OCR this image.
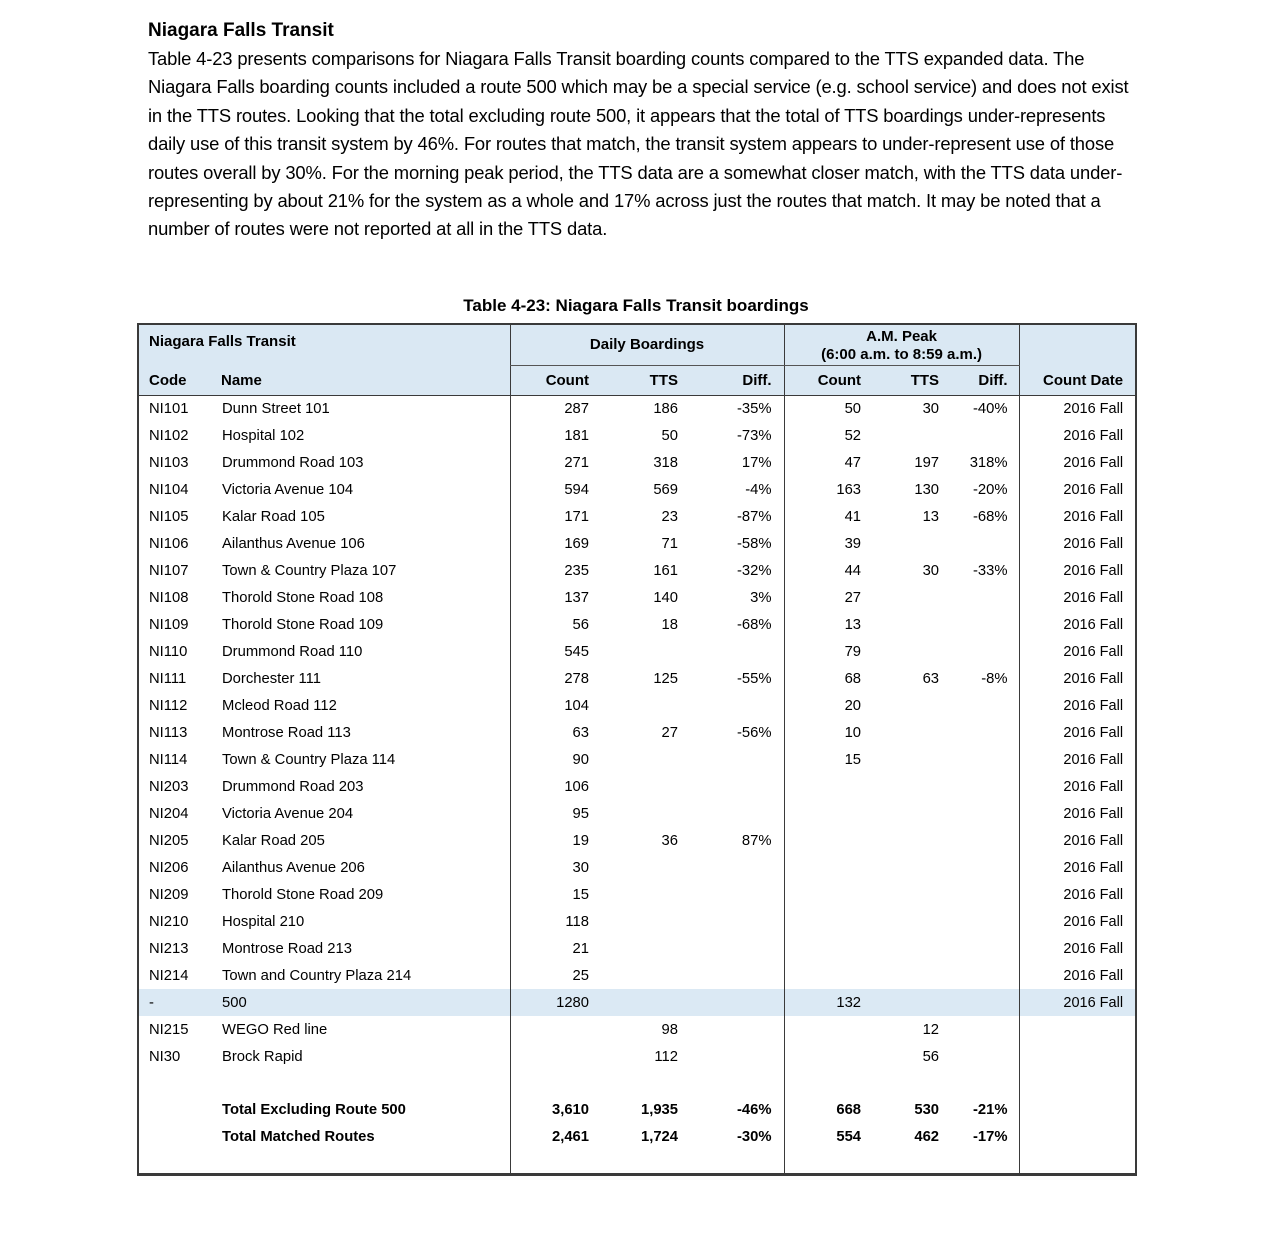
Niagara Falls Transit

Table 4-23 presents comparisons for Niagara Falls Transit boarding counts compared to the TTS expanded data. The Niagara Falls boarding counts included a route 500 which may be a special service (e.g. school service) and does not exist in the TTS routes. Looking that the total excluding route 500, it appears that the total of TTS boardings under-represents daily use of this transit system by 46%. For routes that match, the transit system appears to under-represent use of those routes overall by 30%. For the morning peak period, the TTS data are a somewhat closer match, with the TTS data under-representing by about 21% for the system as a whole and 17% across just the routes that match. It may be noted that a number of routes were not reported at all in the TTS data.

Table 4-23: Niagara Falls Transit boardings
Niagara Falls Transit		Daily Boardings			A.M. Peak
(6:00 a.m. to 8:59 a.m.)			Count Date
Code	Name	Count	TTS	Diff.	Count	TTS	Diff.	
NI101	Dunn Street 101	287	186	-35%	50	30	-40%	2016 Fall
NI102	Hospital 102	181	50	-73%	52			2016 Fall
NI103	Drummond Road 103	271	318	17%	47	197	318%	2016 Fall
NI104	Victoria Avenue 104	594	569	-4%	163	130	-20%	2016 Fall
NI105	Kalar Road 105	171	23	-87%	41	13	-68%	2016 Fall
NI106	Ailanthus Avenue 106	169	71	-58%	39			2016 Fall
NI107	Town & Country Plaza 107	235	161	-32%	44	30	-33%	2016 Fall
NI108	Thorold Stone Road 108	137	140	3%	27			2016 Fall
NI109	Thorold Stone Road 109	56	18	-68%	13			2016 Fall
NI110	Drummond Road 110	545			79			2016 Fall
NI111	Dorchester 111	278	125	-55%	68	63	-8%	2016 Fall
NI112	Mcleod Road 112	104			20			2016 Fall
NI113	Montrose Road 113	63	27	-56%	10			2016 Fall
NI114	Town & Country Plaza 114	90			15			2016 Fall
NI203	Drummond Road 203	106						2016 Fall
NI204	Victoria Avenue 204	95						2016 Fall
NI205	Kalar Road 205	19	36	87%				2016 Fall
NI206	Ailanthus Avenue 206	30						2016 Fall
NI209	Thorold Stone Road 209	15						2016 Fall
NI210	Hospital 210	118						2016 Fall
NI213	Montrose Road 213	21						2016 Fall
NI214	Town and Country Plaza 214	25						2016 Fall
-	500	1280			132			2016 Fall
NI215	WEGO Red line		98			12		
NI30	Brock Rapid		112			56		

	Total Excluding Route 500	3,610	1,935	-46%	668	530	-21%	
	Total Matched Routes	2,461	1,724	-30%	554	462	-17%	
